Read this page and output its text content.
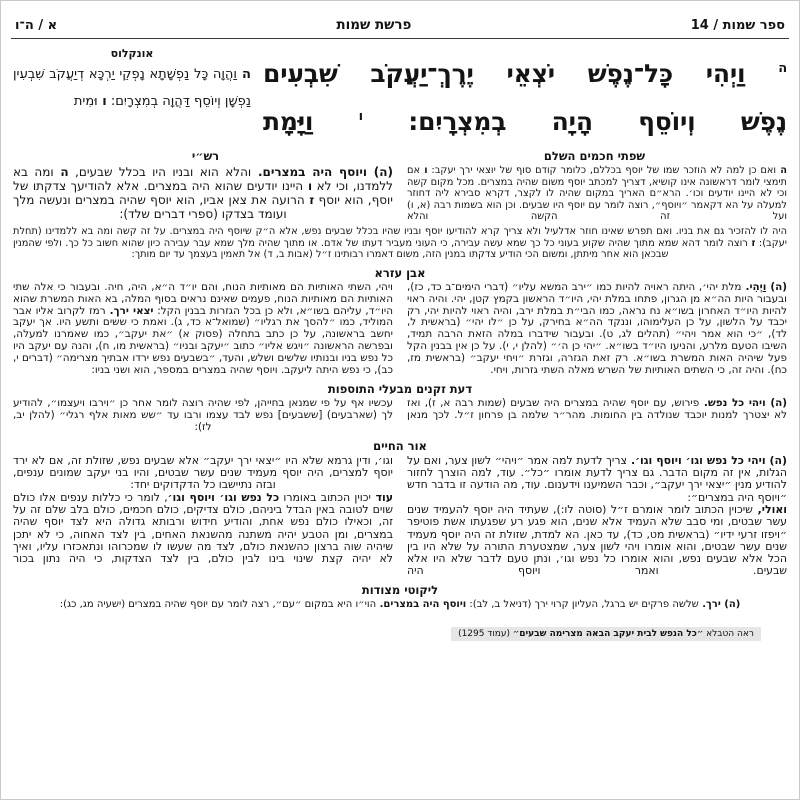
ספר שמות / 14
פרשת שמות
א / ה־ו
$^ה$ וַיְהִי כָּל־נֶפֶשׁ יֹצְאֵי יֶרֶךְ־יַעֲקֹב שִׁבְעִים
נֶפֶשׁ וְיוֹסֵף הָיָה בְמִצְרָיִם: $^ו$ וַיָּמָת
אונקלוס

ה וַהֲוָה כָּל נַפְשָׁתָא נָפְקֵי יַרְכָּא דְיַעֲקֹב שִׁבְעִין נַפְשָׁן וְיוֹסֵף דַּהֲוָה בְמִצְרָיִם: ו וּמִית

שפתי חכמים השלם
רש״י

ה ואם כן למה לא הוזכר שמו של יוסף בכללם, כלומר קודם סוף של יוצאי ירך יעקב: ו אם תימצי לומר דראשונה אינו קושיא, דצריך למכתב יוסף משום שהיה במצרים. מכל מקום קשה וכי לא היינו יודעים וכו׳. הרא״ם האריך במקום שהיה לו לקצר, דקרא סבירא ליה דחוזר למעלה על הא דקאמר ״ויוסף״, רוצה לומר עם יוסף היו שבעים. וכן הוא בשמות רבה (א, ו) ועל זה הקשה והלא

(ה) ויוסף היה במצרים. והלא הוא ובניו היו בכלל שבעים, ה ומה בא ללמדנו, וכי לא ו היינו יודעים שהוא היה במצרים. אלא להודיעך צדקתו של יוסף, הוא יוסף ז הרועה את צאן אביו, הוא יוסף שהיה במצרים ונעשה מלך ועומד בצדקו (ספרי דברים שלד):

היה לו להזכיר גם את בניו. ואם תפרש שאינו חוזר אדלעיל ולא צריך קרא להודיעו יוסף ובניו שהיו בכלל שבעים נפש, אלא ה״ק שיוסף היה במצרים. על זה קשה ומה בא ללמדינו (תחלת יעקב): ז רוצה לומר דהא שמא מתוך שהיה שקוע בעוני כל כך שמא עשה עבירה, כי העוני מעביר דעתו של אדם. או מתוך שהיה מלך שמא עבר עבירה כיון שהוא חשוב כל כך. ולפי שהמנין שבכאן הוא אחר מיתתן, ומשום הכי הודיע צדקתו במנין הזה, משום דאמרו רבותינו ז״ל (אבות ב, ד) אל תאמין בעצמך עד יום מותך:

אבן עזרא

(ה) וַיְהִי. מלת יהי׳, היתה ראויה להיות כמו ״ירב המשא עליו״ (דברי הימים־ב כד, כז), ובעבור היות הה״א מן הגרון, פתחו במלת יהי, היו״ד הראשון בקמץ קטן, יהי. והיה ראוי להיות היו״ד האחרון בשו״א נח נראה, כמו הבי״ת במלת ירב, והיה ראוי להיות יהי, רק יכבד על הלשון, על כן העלימוהו, וננקד הה״א בחירק, על כן ״לו יהי״ (בראשית ל, לד), ״כי הוא אמר ויהי״ (תהלים לג, ט). ובעבור שידברו במלה הזאת הרבה תמיד, השיבו הטעם מלרע, והניעו היו״ד בשו״א. ״יהי כן ה׳״ (להלן י, י). על כן אין בבנין הקל פעל שיהיה האות המשרת בשו״א. רק זאת הגזרה, וגזרת ״ויחי יעקב״ (בראשית מז, כח). והיה זה, כי השתים האותיות של השרש מאלה השתי גזרות, ויחי.

ויהי, השתי האותיות הם מאותיות הנוח, והם יו״ד ה״א, היה, חיה. ובעבור כי אלה שתי האותיות הם מאותיות הנוח, פעמים שאינם נראים בסוף המלה, בא האות המשרת שהוא היו״ד, עליהם בשו״א, ולא כן בכל הגזרות בבנין הקל: יצאי ירך. רמז לקרוב אליו אבר המוליד, כמו ״להסך את רגליו״ (שמואל־א כד, ג). ואמת כי ששים ותשע היו. אך יעקב יחשב בראשונה, על כן כתב בתחלה (פסוק א) ״את יעקב״, כמו שאמרנו למעלה, ובפרשה הראשונה ״ויגש אליו״ כתוב ״יעקב ובניו״ (בראשית מו, ח), והנה עם יעקב היו כל נפש בניו ובנותיו שלשים ושלש, והעד, ״בשבעים נפש ירדו אבתיך מצרימה״ (דברים י, כב), כי נפש היתה ליעקב. ויוסף שהיה במצרים במספר, הוא ושני בניו:

דעת זקנים מבעלי התוספות

(ה) ויהי כל נפש. פירוש, עם יוסף שהיה במצרים היה שבעים (שמות רבה א, ז), ואז לא יצטרך למנות יוכבד שנולדה בין החומות. מהר״ר שלמה בן פרחון ז״ל. לכך מנאן

עכשיו אף על פי שמנאן בחייהן, לפי שהיה רוצה לומר אחר כן ״וירבו ויעצמו״, להודיע לך (שארבעים) [ששבעים] נפש לבד עצמו ורבו עד ״שש מאות אלף רגלי״ (להלן יב, לז):

אור החיים

(ה) ויהי כל נפש וגו׳ ויוסף וגו׳. צריך לדעת למה אמר ״ויהי״ לשון צער, ואם על הגלות, אין זה מקום הדבר. גם צריך לדעת אומרו ״כל״. עוד, למה הוצרך לחזור להודיע מנין ״יצאי ירך יעקב״, וכבר השמיענו וידענום. עוד, מה הודעה זו בדבר חדש ״ויוסף היה במצרים״:

ואולי, שיכוין הכתוב לומר אומרם ז״ל (סוטה לו:), שעתיד היה יוסף להעמיד שנים עשר שבטים, ומי סבב שלא העמיד אלא שנים, הוא פגע רע שפגעתו אשת פוטיפר ״ויפזו זרעי ידיו״ (בראשית מט, כד), עד כאן. הא למדת, שזולת זה היה יוסף מעמיד שנים עשר שבטים, והוא אומרו ויהי לשון צער, שמצטערת התורה על שלא היו בין הכל אלא שבעים נפש, והוא אומרו כל נפש וגו׳, ונתן טעם לדבר שלא היו אלא שבעים. ואמר ויוסף היה

וגו׳, ודין גרמא שלא היו ״יצאי ירך יעקב״ אלא שבעים נפש, שזולת זה, אם לא ירד יוסף למצרים, היה יוסף מעמיד שנים עשר שבטים, והיו בני יעקב שמונים ענפים, ובזה נתיישבו כל הדקדוקים יחד:

עוד יכוין הכתוב באומרו כל נפש וגו׳ ויוסף וגו׳, לומר כי כללות ענפים אלו כולם שוים לטובה באין הבדל ביניהם, כולם צדיקים, כולם חכמים, כולם בלב שלם זה על זה, וכאילו כולם נפש אחת, והודיע חידוש ורבותא גדולה היא לצד יוסף שהיה במצרים, ומן הטבע יהיה משתנה מהשנאת האחים, בין לצד האחוה, כי לא יתכן שיהיה שוה ברצון כהשנאת כולם, לצד מה שעשו לו שמכרוהו ונתאכזרו עליו, ואיך לא יהיה קצת שינוי בינו לבין כולם, בין לצד הצדקות, כי היה נתון בכור

ליקוטי מצודות

(ה) ירך. שלשה פרקים יש ברגל, העליון קרוי ירך (דניאל ב, לב): ויוסף היה במצרים. הוי״ו היא במקום ״עם״, רצה לומר עם יוסף שהיה במצרים (ישעיה מג, כג):

ראה הטבלא ״כל הנפש לבית יעקב הבאה מצרימה שבעים״ (עמוד 1295)
